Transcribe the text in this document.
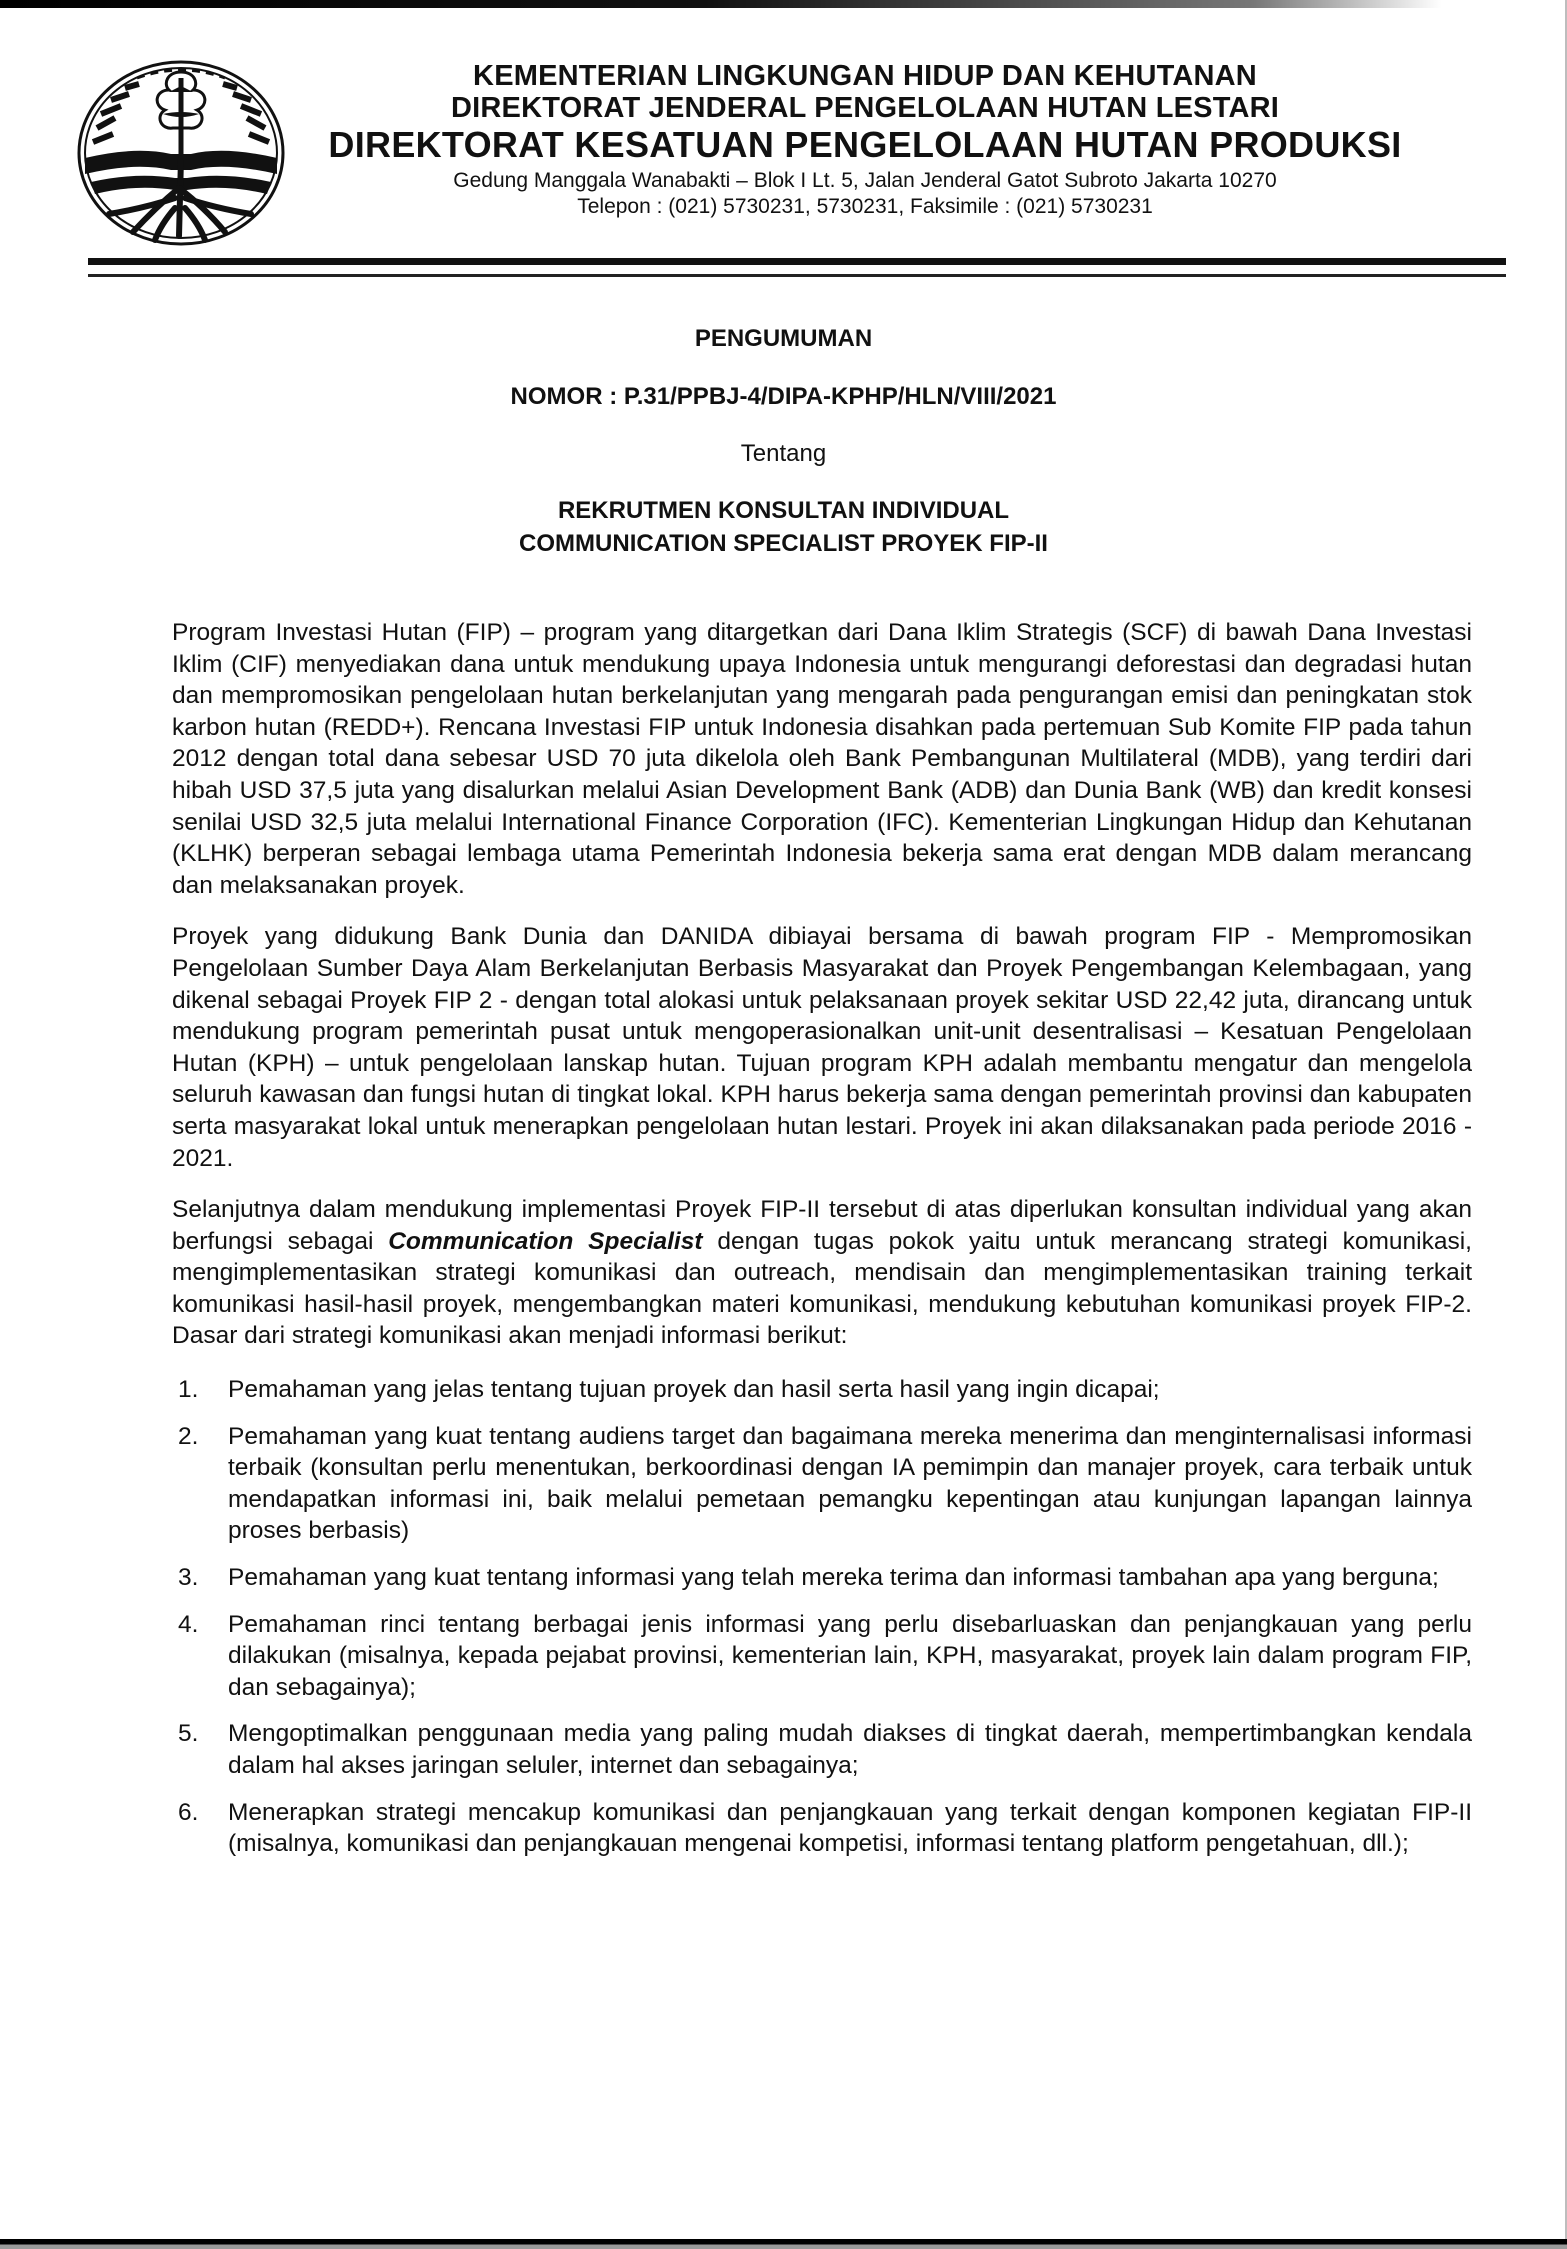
KEMENTERIAN LINGKUNGAN HIDUP DAN KEHUTANAN
DIREKTORAT JENDERAL PENGELOLAAN HUTAN LESTARI
DIREKTORAT KESATUAN PENGELOLAAN HUTAN PRODUKSI
Gedung Manggala Wanabakti – Blok I Lt. 5, Jalan Jenderal Gatot Subroto Jakarta 10270
Telepon : (021) 5730231, 5730231, Faksimile : (021) 5730231
PENGUMUMAN
NOMOR : P.31/PPBJ-4/DIPA-KPHP/HLN/VIII/2021
Tentang
REKRUTMEN KONSULTAN INDIVIDUAL
COMMUNICATION SPECIALIST PROYEK FIP-II

Program Investasi Hutan (FIP) – program yang ditargetkan dari Dana Iklim Strategis (SCF) di bawah Dana Investasi Iklim (CIF) menyediakan dana untuk mendukung upaya Indonesia untuk mengurangi deforestasi dan degradasi hutan dan mempromosikan pengelolaan hutan berkelanjutan yang mengarah pada pengurangan emisi dan peningkatan stok karbon hutan (REDD+). Rencana Investasi FIP untuk Indonesia disahkan pada pertemuan Sub Komite FIP pada tahun 2012 dengan total dana sebesar USD 70 juta dikelola oleh Bank Pembangunan Multilateral (MDB), yang terdiri dari hibah USD 37,5 juta yang disalurkan melalui Asian Development Bank (ADB) dan Dunia Bank (WB) dan kredit konsesi senilai USD 32,5 juta melalui International Finance Corporation (IFC). Kementerian Lingkungan Hidup dan Kehutanan (KLHK) berperan sebagai lembaga utama Pemerintah Indonesia bekerja sama erat dengan MDB dalam merancang dan melaksanakan proyek.

Proyek yang didukung Bank Dunia dan DANIDA dibiayai bersama di bawah program FIP - Mempromosikan Pengelolaan Sumber Daya Alam Berkelanjutan Berbasis Masyarakat dan Proyek Pengembangan Kelembagaan, yang dikenal sebagai Proyek FIP 2 - dengan total alokasi untuk pelaksanaan proyek sekitar USD 22,42 juta, dirancang untuk mendukung program pemerintah pusat untuk mengoperasionalkan unit-unit desentralisasi – Kesatuan Pengelolaan Hutan (KPH) – untuk pengelolaan lanskap hutan. Tujuan program KPH adalah membantu mengatur dan mengelola seluruh kawasan dan fungsi hutan di tingkat lokal. KPH harus bekerja sama dengan pemerintah provinsi dan kabupaten serta masyarakat lokal untuk menerapkan pengelolaan hutan lestari. Proyek ini akan dilaksanakan pada periode 2016 - 2021.

Selanjutnya dalam mendukung implementasi Proyek FIP-II tersebut di atas diperlukan konsultan individual yang akan berfungsi sebagai Communication Specialist dengan tugas pokok yaitu untuk merancang strategi komunikasi, mengimplementasikan strategi komunikasi dan outreach, mendisain dan mengimplementasikan training terkait komunikasi hasil-hasil proyek, mengembangkan materi komunikasi, mendukung kebutuhan komunikasi proyek FIP-2. Dasar dari strategi komunikasi akan menjadi informasi berikut:

1. Pemahaman yang jelas tentang tujuan proyek dan hasil serta hasil yang ingin dicapai;
2. Pemahaman yang kuat tentang audiens target dan bagaimana mereka menerima dan menginternalisasi informasi terbaik (konsultan perlu menentukan, berkoordinasi dengan IA pemimpin dan manajer proyek, cara terbaik untuk mendapatkan informasi ini, baik melalui pemetaan pemangku kepentingan atau kunjungan lapangan lainnya proses berbasis)
3. Pemahaman yang kuat tentang informasi yang telah mereka terima dan informasi tambahan apa yang berguna;
4. Pemahaman rinci tentang berbagai jenis informasi yang perlu disebarluaskan dan penjangkauan yang perlu dilakukan (misalnya, kepada pejabat provinsi, kementerian lain, KPH, masyarakat, proyek lain dalam program FIP, dan sebagainya);
5. Mengoptimalkan penggunaan media yang paling mudah diakses di tingkat daerah, mempertimbangkan kendala dalam hal akses jaringan seluler, internet dan sebagainya;
6. Menerapkan strategi mencakup komunikasi dan penjangkauan yang terkait dengan komponen kegiatan FIP-II (misalnya, komunikasi dan penjangkauan mengenai kompetisi, informasi tentang platform pengetahuan, dll.);
